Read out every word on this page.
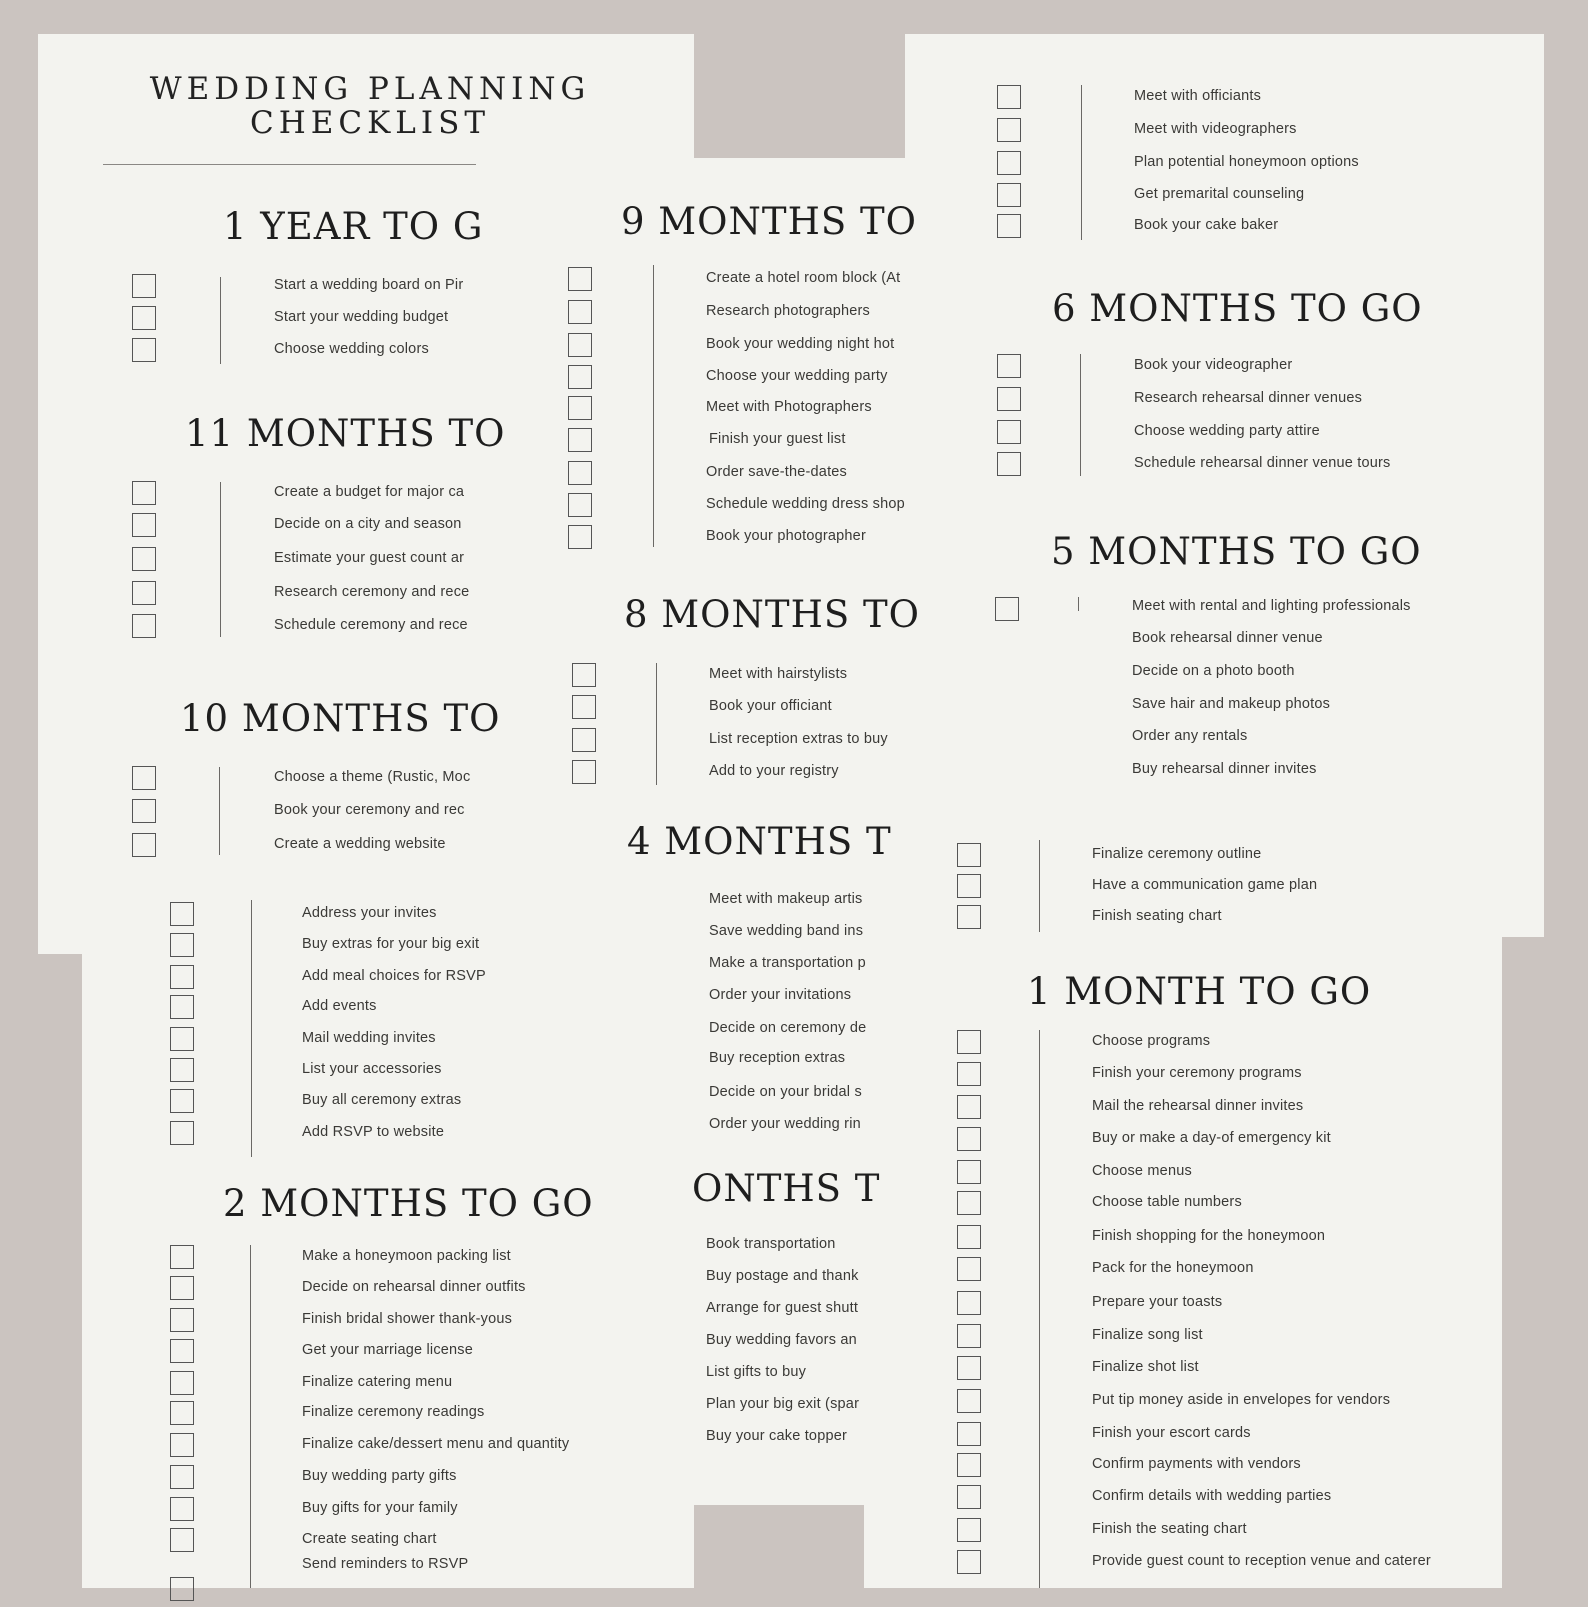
WEDDING PLANNING
CHECKLIST
1 YEAR TO G
Start a wedding board on Pir
Start your wedding budget
Choose wedding colors
11 MONTHS TO
Create a budget for major ca
Decide on a city and season
Estimate your guest count ar
Research ceremony and rece
Schedule ceremony and rece
10 MONTHS TO
Choose a theme (Rustic, Moc
Book your ceremony and rec
Create a wedding website
9 MONTHS TO
Create a hotel room block (At
Research photographers
Book your wedding night hot
Choose your wedding party
Meet with Photographers
Finish your guest list
Order save-the-dates
Schedule wedding dress shop
Book your photographer
8 MONTHS TO
Meet with hairstylists
Book your officiant
List reception extras to buy
Add to your registry
Meet with officiants
Meet with videographers
Plan potential honeymoon options
Get premarital counseling
Book your cake baker
6 MONTHS TO GO
Book your videographer
Research rehearsal dinner venues
Choose wedding party attire
Schedule rehearsal dinner venue tours
5 MONTHS TO GO
Meet with rental and lighting professionals
Book rehearsal dinner venue
Decide on a photo booth
Save hair and makeup photos
Order any rentals
Buy rehearsal dinner invites
Finalize ceremony outline
Have a communication game plan
Finish seating chart
Address your invites
Buy extras for your big exit
Add meal choices for RSVP
Add events
Mail wedding invites
List your accessories
Buy all ceremony extras
Add RSVP to website
4 MONTHS T
Meet with makeup artis
Save wedding band ins
Make a transportation p
Order your invitations
Decide on ceremony de
Buy reception extras
Decide on your bridal s
Order your wedding rin
ONTHS T
Book transportation
Buy postage and thank
Arrange for guest shutt
Buy wedding favors an
List gifts to buy
Plan your big exit (spar
Buy your cake topper
2 MONTHS TO GO
Make a honeymoon packing list
Decide on rehearsal dinner outfits
Finish bridal shower thank-yous
Get your marriage license
Finalize catering menu
Finalize ceremony readings
Finalize cake/dessert menu and quantity
Buy wedding party gifts
Buy gifts for your family
Create seating chart
Send reminders to RSVP
1 MONTH TO GO
Choose programs
Finish your ceremony programs
Mail the rehearsal dinner invites
Buy or make a day-of emergency kit
Choose menus
Choose table numbers
Finish shopping for the honeymoon
Pack for the honeymoon
Prepare your toasts
Finalize song list
Finalize shot list
Put tip money aside in envelopes for vendors
Finish your escort cards
Confirm payments with vendors
Confirm details with wedding parties
Finish the seating chart
Provide guest count to reception venue and caterer
